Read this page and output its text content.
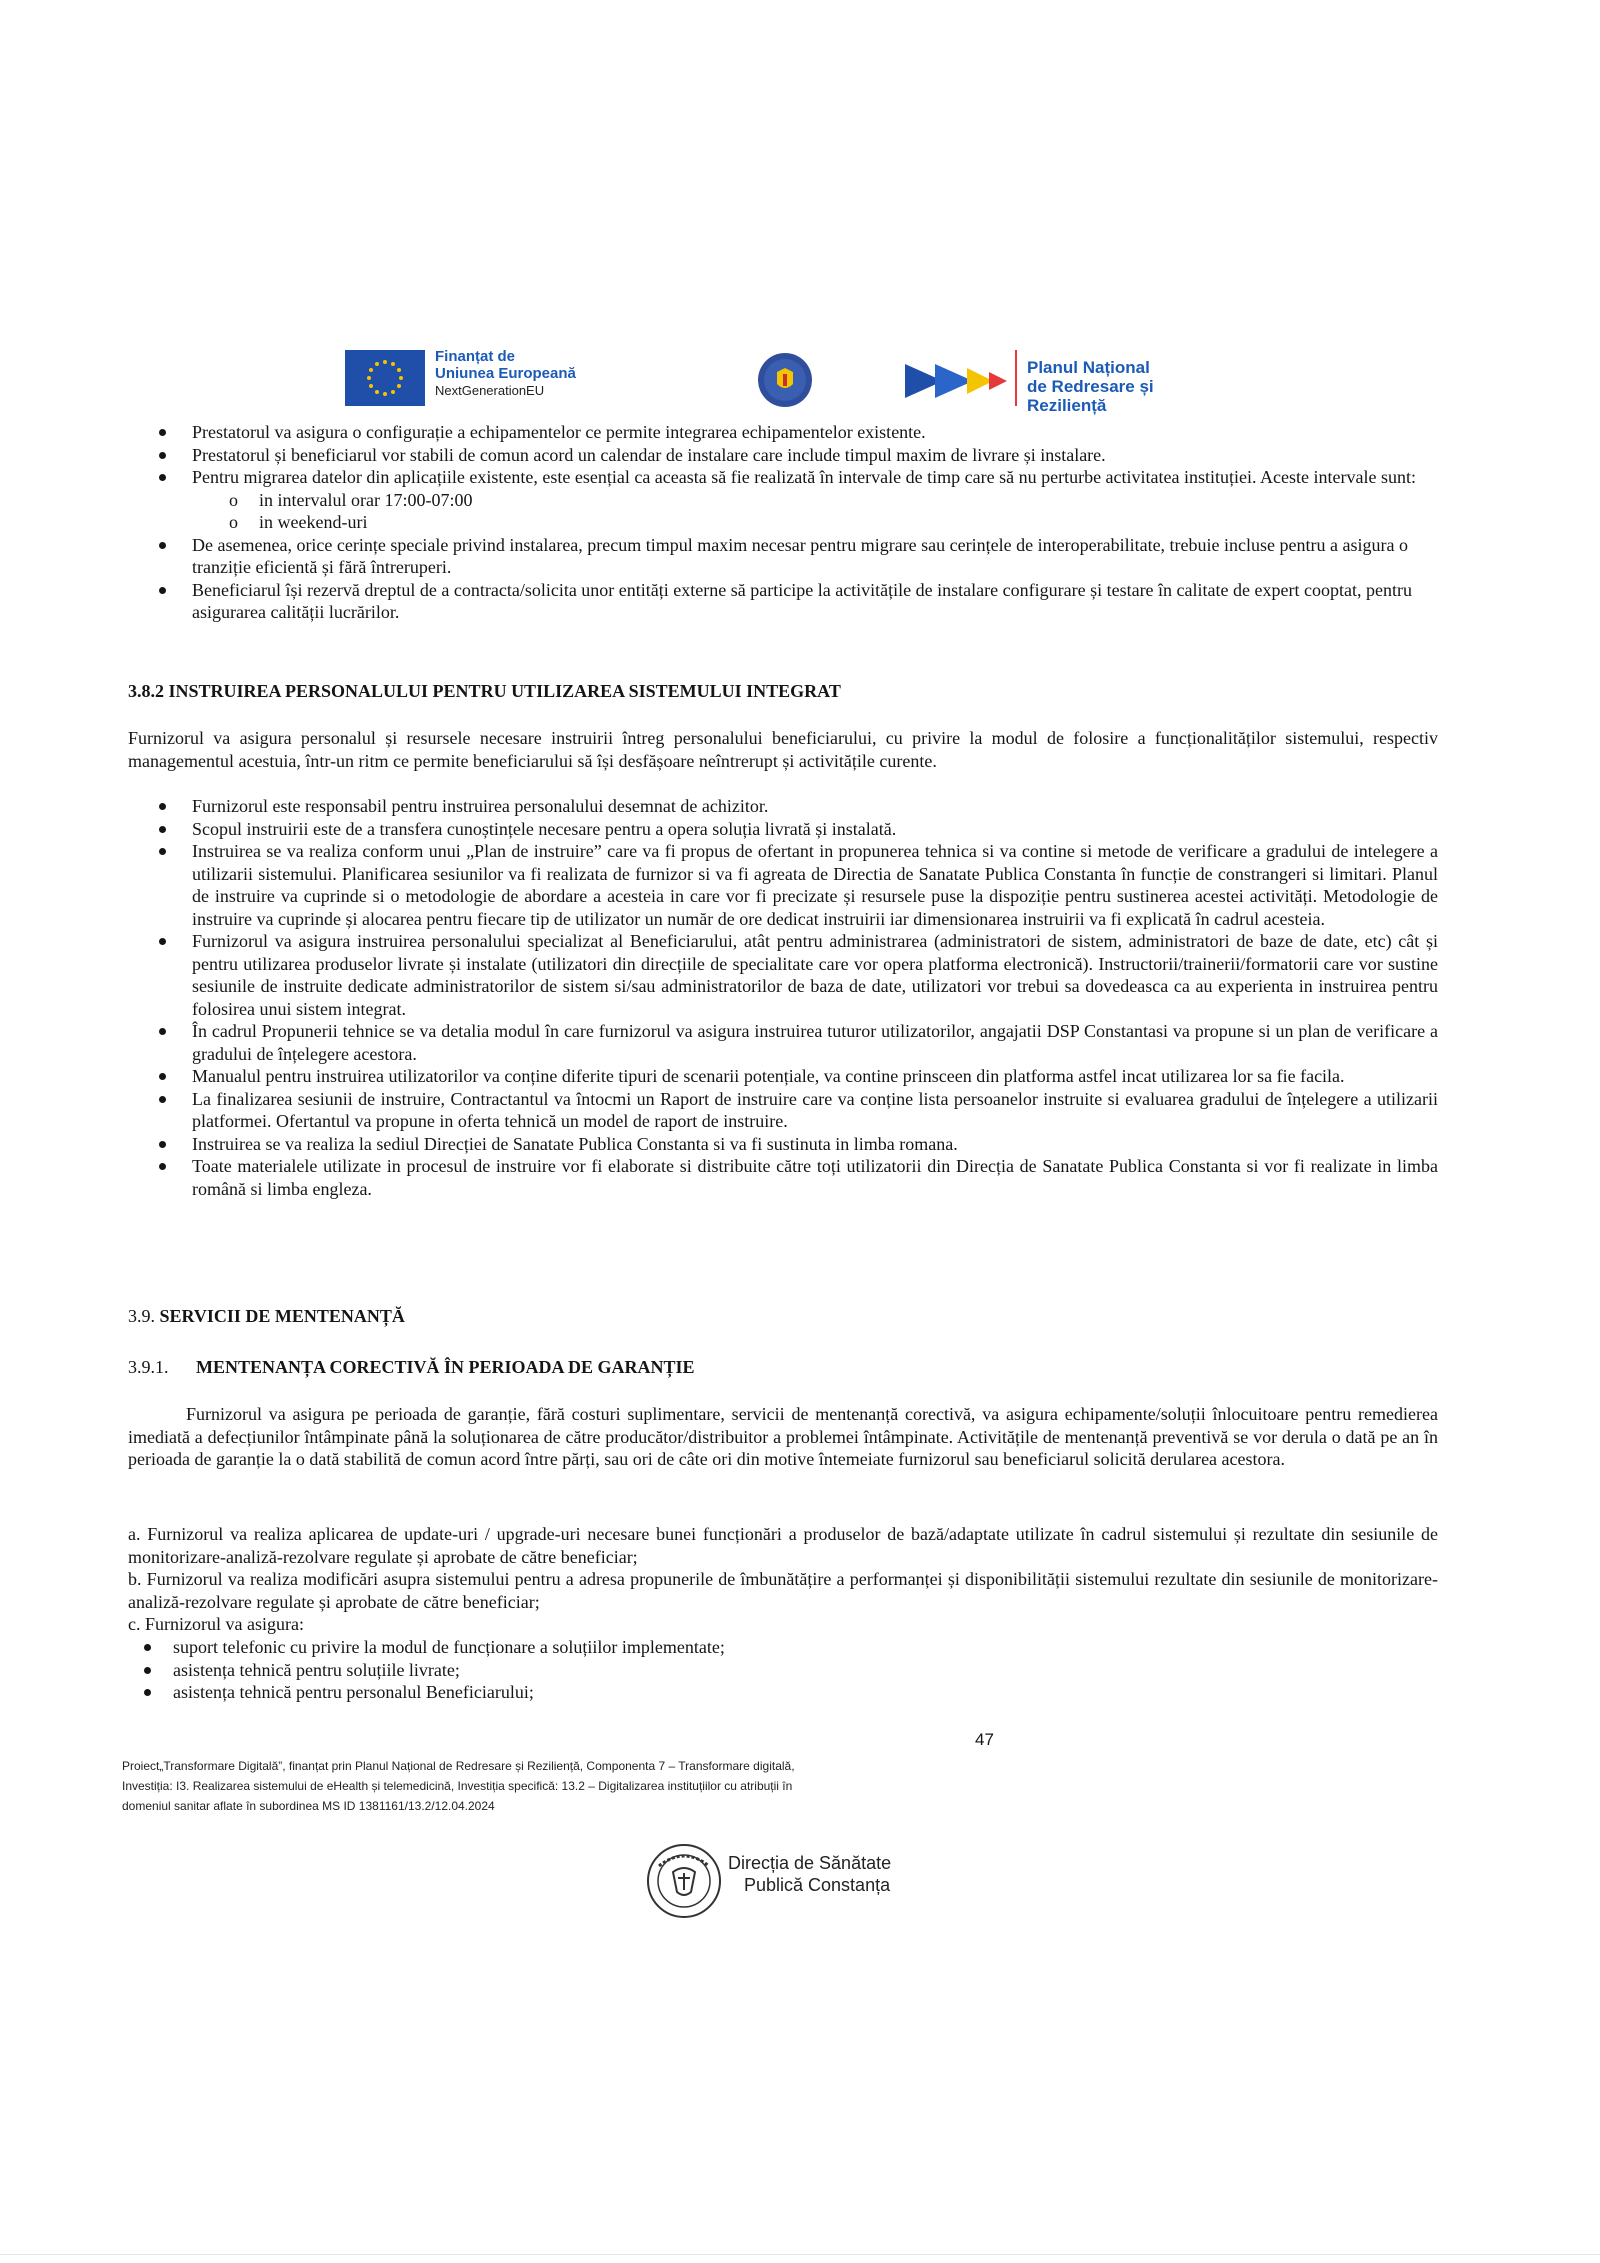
Finanțat de
Uniunea Europeană
NextGenerationEU
Planul Național
de Redresare și Reziliență
Prestatorul va asigura o configurație a echipamentelor ce permite integrarea echipamentelor existente.
Prestatorul și beneficiarul vor stabili de comun acord un calendar de instalare care include timpul maxim de livrare și instalare.
Pentru migrarea datelor din aplicațiile existente, este esențial ca aceasta să fie realizată în intervale de timp care să nu perturbe activitatea instituției. Aceste intervale sunt:
o in intervalul orar 17:00-07:00
o in weekend-uri
De asemenea, orice cerințe speciale privind instalarea, precum timpul maxim necesar pentru migrare sau cerințele de interoperabilitate, trebuie incluse pentru a asigura o tranziție eficientă și fără întreruperi.
Beneficiarul își rezervă dreptul de a contracta/solicita unor entități externe să participe la activitățile de instalare configurare și testare în calitate de expert cooptat, pentru asigurarea calității lucrărilor.
3.8.2 INSTRUIREA PERSONALULUI PENTRU UTILIZAREA SISTEMULUI INTEGRAT
Furnizorul va asigura personalul și resursele necesare instruirii întreg personalului beneficiarului, cu privire la modul de folosire a funcționalităților sistemului, respectiv managementul acestuia, într-un ritm ce permite beneficiarului să își desfășoare neîntrerupt și activitățile curente.
Furnizorul este responsabil pentru instruirea personalului desemnat de achizitor.
Scopul instruirii este de a transfera cunoștințele necesare pentru a opera soluția livrată și instalată.
Instruirea se va realiza conform unui „Plan de instruire” care va fi propus de ofertant in propunerea tehnica si va contine si metode de verificare a gradului de intelegere a utilizarii sistemului. Planificarea sesiunilor va fi realizata de furnizor si va fi agreata de Directia de Sanatate Publica Constanta în funcție de constrangeri si limitari. Planul de instruire va cuprinde si o metodologie de abordare a acesteia in care vor fi precizate și resursele puse la dispoziție pentru sustinerea acestei activități. Metodologie de instruire va cuprinde și alocarea pentru fiecare tip de utilizator un număr de ore dedicat instruirii iar dimensionarea instruirii va fi explicată în cadrul acesteia.
Furnizorul va asigura instruirea personalului specializat al Beneficiarului, atât pentru administrarea (administratori de sistem, administratori de baze de date, etc) cât și pentru utilizarea produselor livrate și instalate (utilizatori din direcțiile de specialitate care vor opera platforma electronică). Instructorii/trainerii/formatorii care vor sustine sesiunile de instruite dedicate administratorilor de sistem si/sau administratorilor de baza de date, utilizatori vor trebui sa dovedeasca ca au experienta in instruirea pentru folosirea unui sistem integrat.
În cadrul Propunerii tehnice se va detalia modul în care furnizorul va asigura instruirea tuturor utilizatorilor, angajatii DSP Constantasi va propune si un plan de verificare a gradului de înțelegere acestora.
Manualul pentru instruirea utilizatorilor va conține diferite tipuri de scenarii potențiale, va contine prinsceen din platforma astfel incat utilizarea lor sa fie facila.
La finalizarea sesiunii de instruire, Contractantul va întocmi un Raport de instruire care va conține lista persoanelor instruite si evaluarea gradului de înțelegere a utilizarii platformei. Ofertantul va propune in oferta tehnică un model de raport de instruire.
Instruirea se va realiza la sediul Direcției de Sanatate Publica Constanta si va fi sustinuta in limba romana.
Toate materialele utilizate in procesul de instruire vor fi elaborate si distribuite către toți utilizatorii din Direcția de Sanatate Publica Constanta si vor fi realizate in limba română si limba engleza.
3.9. SERVICII DE MENTENANȚĂ
3.9.1. MENTENANȚA CORECTIVĂ ÎN PERIOADA DE GARANȚIE
Furnizorul va asigura pe perioada de garanție, fără costuri suplimentare, servicii de mentenanță corectivă, va asigura echipamente/soluții înlocuitoare pentru remedierea imediată a defecțiunilor întâmpinate până la soluționarea de către producător/distribuitor a problemei întâmpinate. Activitățile de mentenanță preventivă se vor derula o dată pe an în perioada de garanție la o dată stabilită de comun acord între părți, sau ori de câte ori din motive întemeiate furnizorul sau beneficiarul solicită derularea acestora.
a. Furnizorul va realiza aplicarea de update-uri / upgrade-uri necesare bunei funcționări a produselor de bază/adaptate utilizate în cadrul sistemului și rezultate din sesiunile de monitorizare-analiză-rezolvare regulate și aprobate de către beneficiar;
b. Furnizorul va realiza modificări asupra sistemului pentru a adresa propunerile de îmbunătățire a performanței și disponibilității sistemului rezultate din sesiunile de monitorizare-analiză-rezolvare regulate și aprobate de către beneficiar;
c. Furnizorul va asigura:
suport telefonic cu privire la modul de funcționare a soluțiilor implementate;
asistența tehnică pentru soluțiile livrate;
asistența tehnică pentru personalul Beneficiarului;
47
Proiect„Transformare Digitală”, finanțat prin Planul Național de Redresare și Reziliență, Componenta 7 – Transformare digitală,
Investiția: I3. Realizarea sistemului de eHealth și telemedicină, Investiția specifică: 13.2 – Digitalizarea instituțiilor cu atribuții în
domeniul sanitar aflate în subordinea MS ID 1381161/13.2/12.04.2024
Direcția de Sănătate
Publică Constanța
